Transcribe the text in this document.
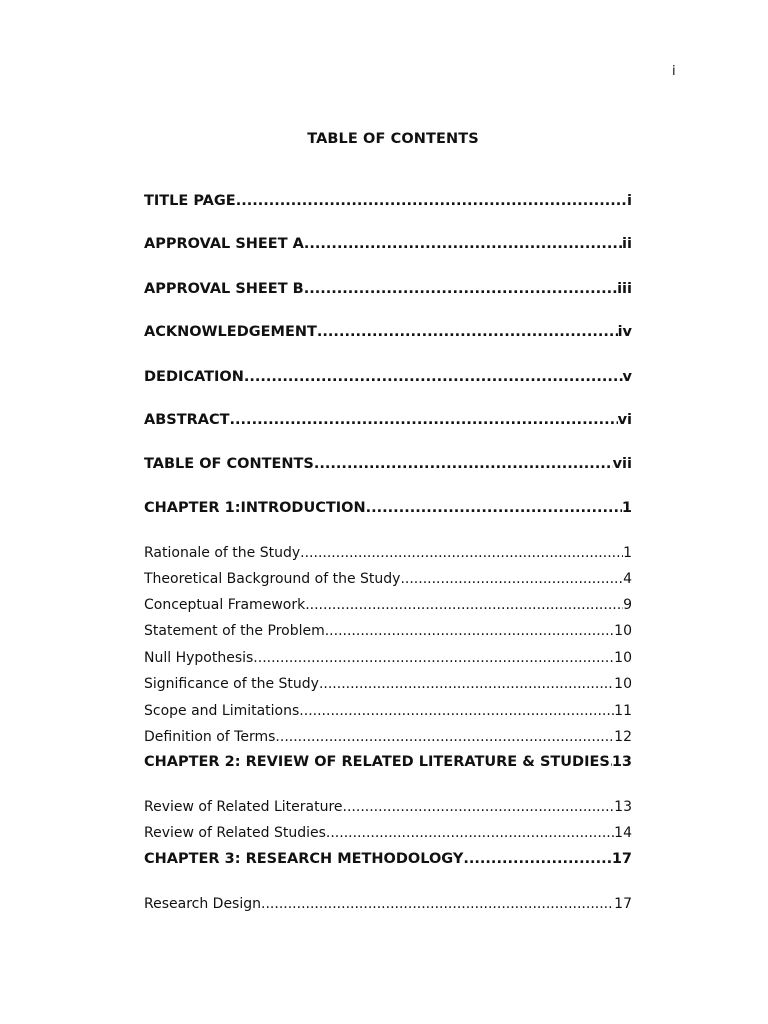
i
TABLE OF CONTENTS
TITLE PAGE .....	i
APPROVAL SHEET A .....	ii
APPROVAL SHEET B .....	iii
ACKNOWLEDGEMENT .....	iv
DEDICATION .....	v
ABSTRACT .....	vi
TABLE OF CONTENTS .....	vii
CHAPTER 1:INTRODUCTION .....	1
Rationale of the Study .....	1
Theoretical Background of the Study .....	4
Conceptual Framework .....	9
Statement of the Problem .....	10
Null Hypothesis .....	10
Significance of the Study .....	10
Scope and Limitations .....	11
Definition of Terms .....	12
CHAPTER 2: REVIEW OF RELATED LITERATURE & STUDIES ..... 13
Review of Related Literature .....	13
Review of Related Studies .....	14
CHAPTER 3: RESEARCH METHODOLOGY .....	17
Research Design .....	17
